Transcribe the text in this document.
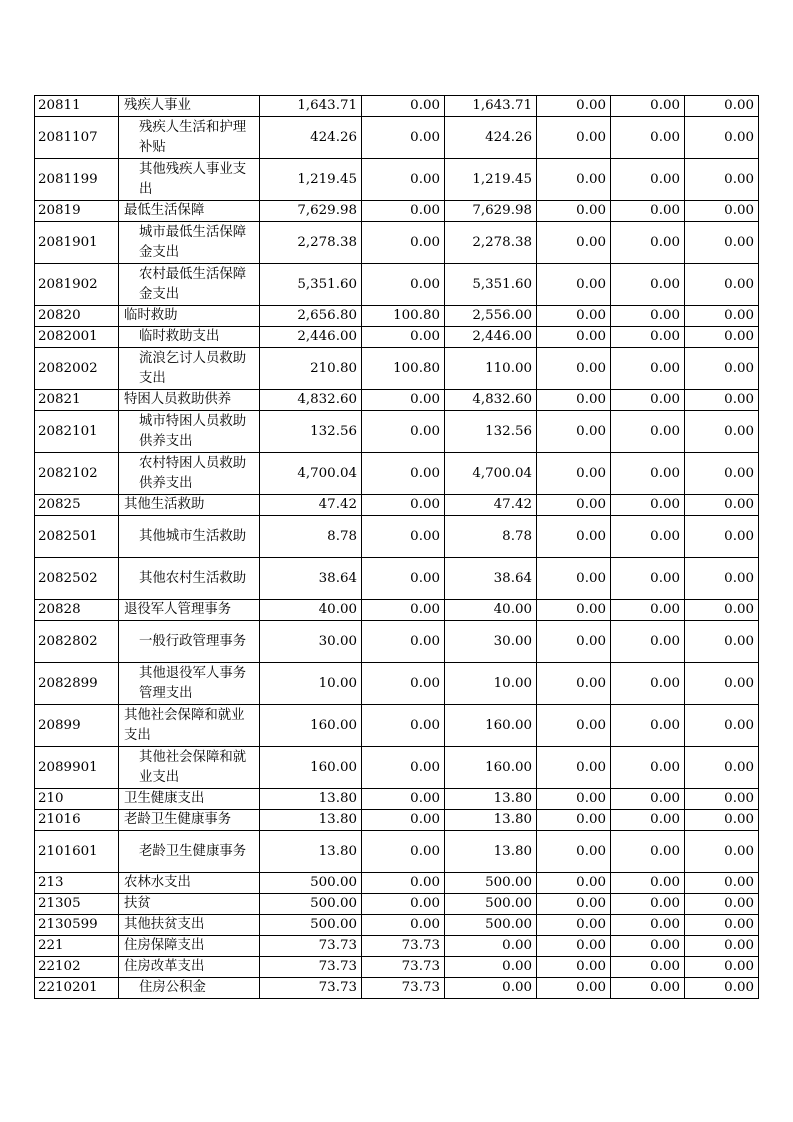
20811	残疾人事业	1,643.71	0.00	1,643.71	0.00	0.00	0.00
2081107	残疾人生活和护理补贴	424.26	0.00	424.26	0.00	0.00	0.00
2081199	其他残疾人事业支出	1,219.45	0.00	1,219.45	0.00	0.00	0.00
20819	最低生活保障	7,629.98	0.00	7,629.98	0.00	0.00	0.00
2081901	城市最低生活保障金支出	2,278.38	0.00	2,278.38	0.00	0.00	0.00
2081902	农村最低生活保障金支出	5,351.60	0.00	5,351.60	0.00	0.00	0.00
20820	临时救助	2,656.80	100.80	2,556.00	0.00	0.00	0.00
2082001	临时救助支出	2,446.00	0.00	2,446.00	0.00	0.00	0.00
2082002	流浪乞讨人员救助支出	210.80	100.80	110.00	0.00	0.00	0.00
20821	特困人员救助供养	4,832.60	0.00	4,832.60	0.00	0.00	0.00
2082101	城市特困人员救助供养支出	132.56	0.00	132.56	0.00	0.00	0.00
2082102	农村特困人员救助供养支出	4,700.04	0.00	4,700.04	0.00	0.00	0.00
20825	其他生活救助	47.42	0.00	47.42	0.00	0.00	0.00
2082501	其他城市生活救助	8.78	0.00	8.78	0.00	0.00	0.00
2082502	其他农村生活救助	38.64	0.00	38.64	0.00	0.00	0.00
20828	退役军人管理事务	40.00	0.00	40.00	0.00	0.00	0.00
2082802	一般行政管理事务	30.00	0.00	30.00	0.00	0.00	0.00
2082899	其他退役军人事务管理支出	10.00	0.00	10.00	0.00	0.00	0.00
20899	其他社会保障和就业支出	160.00	0.00	160.00	0.00	0.00	0.00
2089901	其他社会保障和就业支出	160.00	0.00	160.00	0.00	0.00	0.00
210	卫生健康支出	13.80	0.00	13.80	0.00	0.00	0.00
21016	老龄卫生健康事务	13.80	0.00	13.80	0.00	0.00	0.00
2101601	老龄卫生健康事务	13.80	0.00	13.80	0.00	0.00	0.00
213	农林水支出	500.00	0.00	500.00	0.00	0.00	0.00
21305	扶贫	500.00	0.00	500.00	0.00	0.00	0.00
2130599	其他扶贫支出	500.00	0.00	500.00	0.00	0.00	0.00
221	住房保障支出	73.73	73.73	0.00	0.00	0.00	0.00
22102	住房改革支出	73.73	73.73	0.00	0.00	0.00	0.00
2210201	住房公积金	73.73	73.73	0.00	0.00	0.00	0.00
